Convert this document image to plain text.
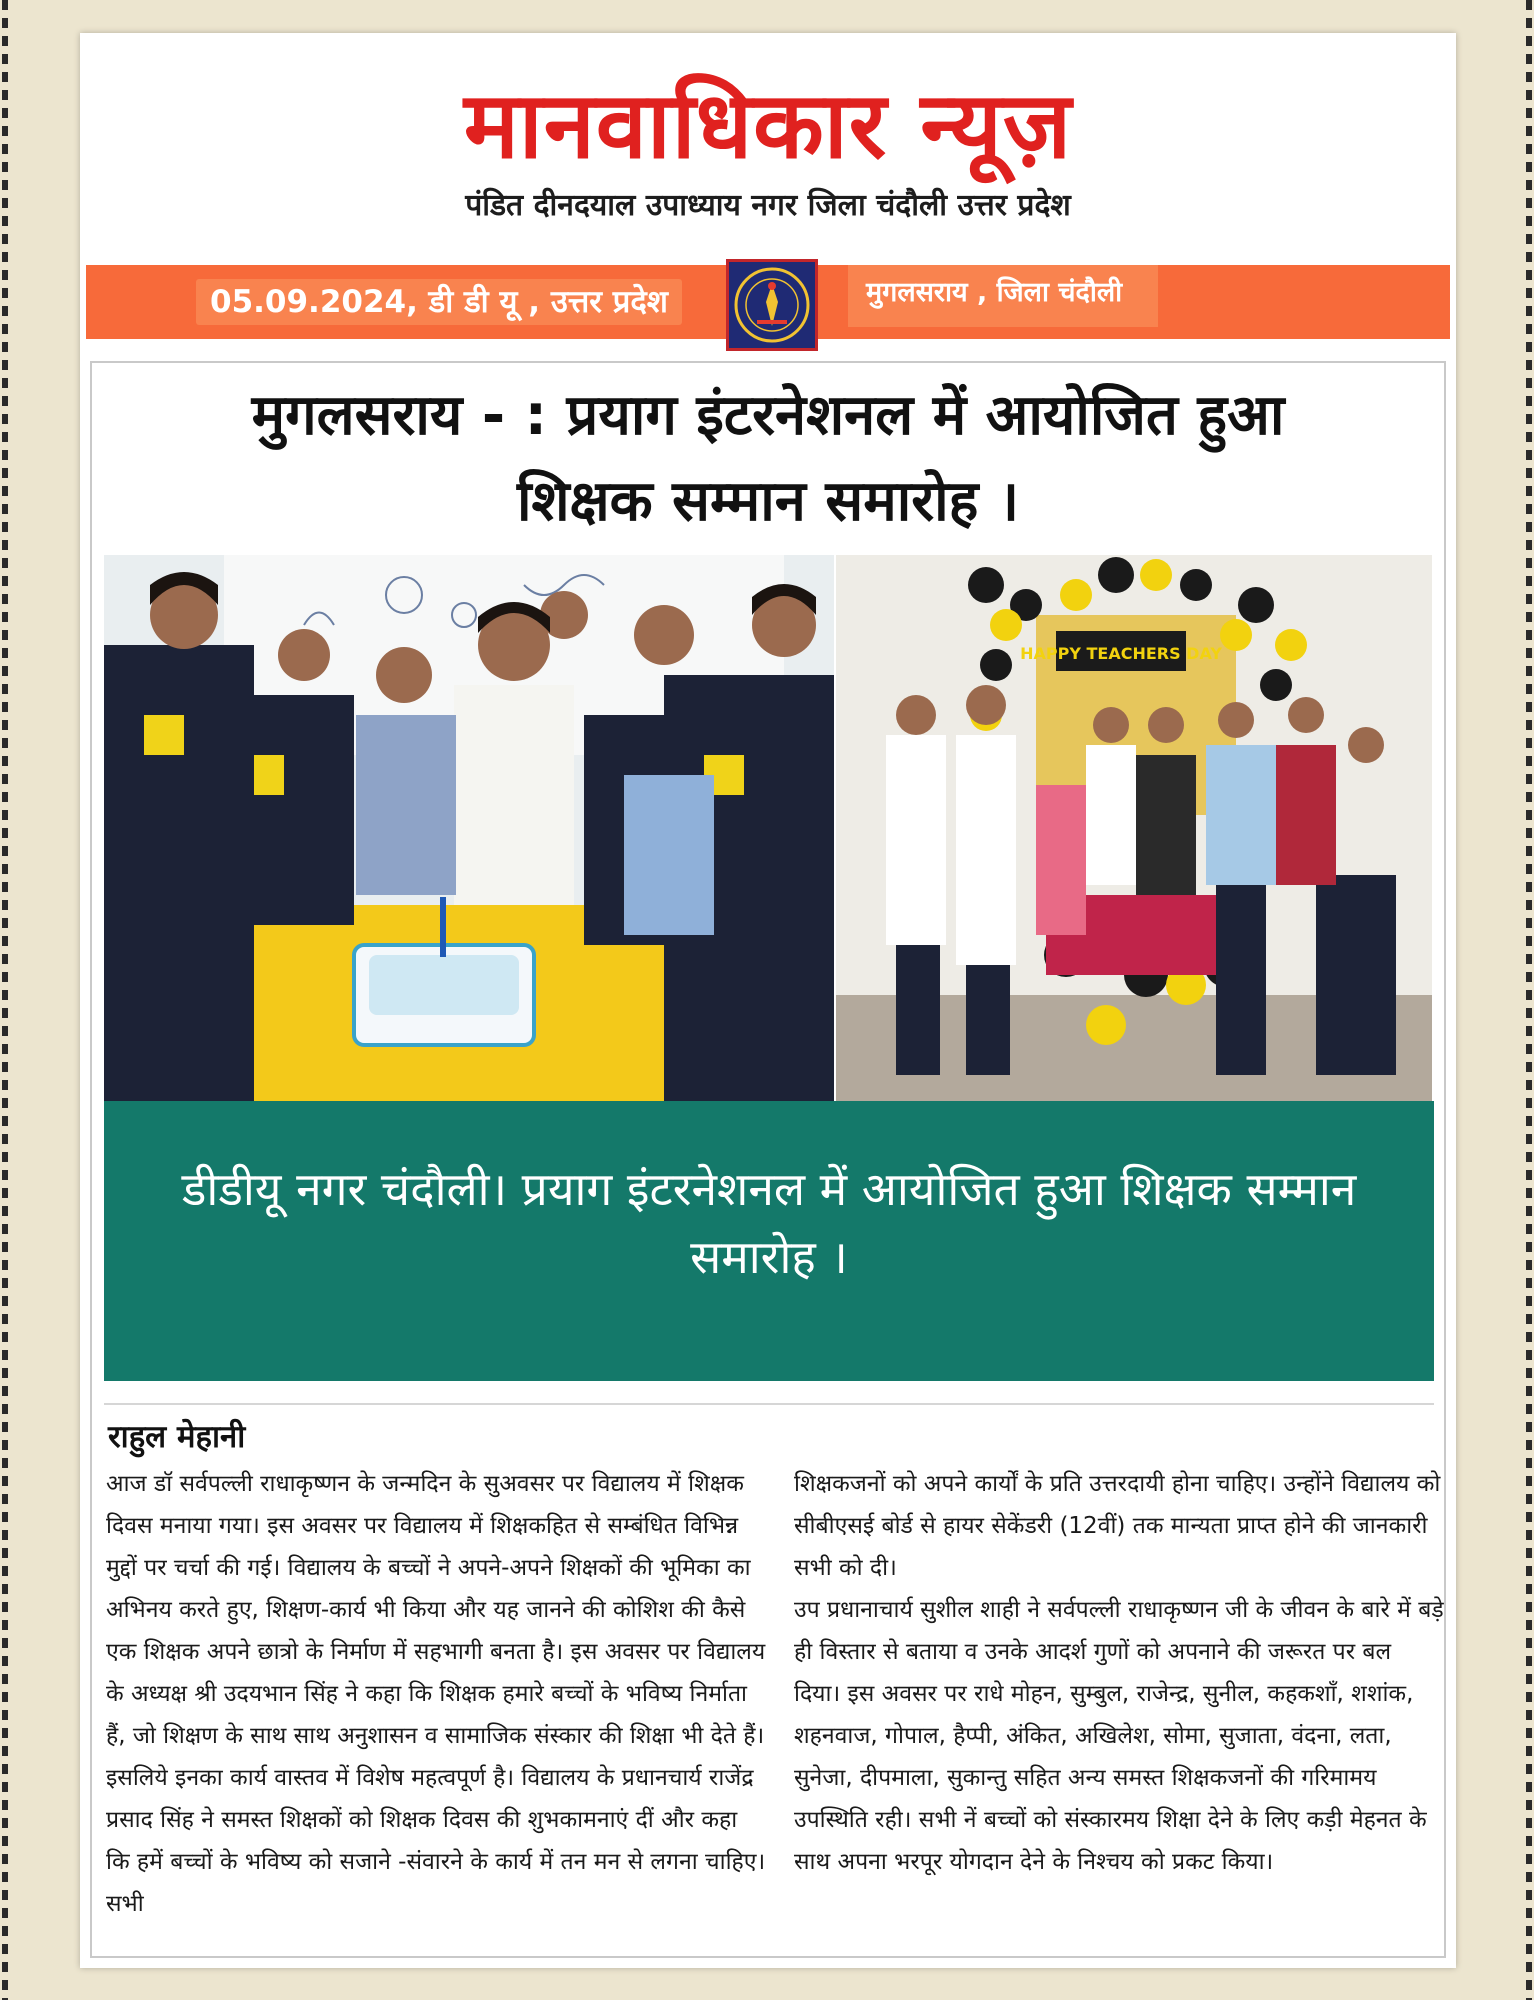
मानवाधिकार न्यूज़
पंडित दीनदयाल उपाध्याय नगर जिला चंदौली उत्तर प्रदेश
05.09.2024, डी डी यू , उत्तर प्रदेश	मुगलसराय , जिला चंदौली
मुगलसराय - : प्रयाग इंटरनेशनल में आयोजित हुआ
शिक्षक सम्मान समारोह ।
HAPPY TEACHERS DAY
डीडीयू नगर चंदौली। प्रयाग इंटरनेशनल में आयोजित हुआ शिक्षक सम्मान समारोह ।
राहुल मेहानी

आज डॉ सर्वपल्ली राधाकृष्णन के जन्मदिन के सुअवसर पर विद्यालय में शिक्षक दिवस मनाया गया। इस अवसर पर विद्यालय में शिक्षकहित से सम्बंधित विभिन्न मुद्दों पर चर्चा की गई। विद्यालय के बच्चों ने अपने-अपने शिक्षकों की भूमिका का अभिनय करते हुए, शिक्षण-कार्य भी किया और यह जानने की कोशिश की कैसे एक शिक्षक अपने छात्रो के निर्माण में सहभागी बनता है। इस अवसर पर विद्यालय के अध्यक्ष श्री उदयभान सिंह ने कहा कि शिक्षक हमारे बच्चों के भविष्य निर्माता हैं, जो शिक्षण के साथ साथ अनुशासन व सामाजिक संस्कार की शिक्षा भी देते हैं। इसलिये इनका कार्य वास्तव में विशेष महत्वपूर्ण है। विद्यालय के प्रधानचार्य राजेंद्र प्रसाद सिंह ने समस्त शिक्षकों को शिक्षक दिवस की शुभकामनाएं दीं और कहा कि हमें बच्चों के भविष्य को सजाने -संवारने के कार्य में तन मन से लगना चाहिए। सभी

शिक्षकजनों को अपने कार्यों के प्रति उत्तरदायी होना चाहिए। उन्होंने विद्यालय को सीबीएसई बोर्ड से हायर सेकेंडरी (12वीं) तक मान्यता प्राप्त होने की जानकारी सभी को दी।

उप प्रधानाचार्य सुशील शाही ने सर्वपल्ली राधाकृष्णन जी के जीवन के बारे में बड़े ही विस्तार से बताया व उनके आदर्श गुणों को अपनाने की जरूरत पर बल दिया। इस अवसर पर राधे मोहन, सुम्बुल, राजेन्द्र, सुनील, कहकशाँ, शशांक, शहनवाज, गोपाल, हैप्पी, अंकित, अखिलेश, सोमा, सुजाता, वंदना, लता, सुनेजा, दीपमाला, सुकान्तु सहित अन्य समस्त शिक्षकजनों की गरिमामय उपस्थिति रही। सभी नें बच्चों को संस्कारमय शिक्षा देने के लिए कड़ी मेहनत के साथ अपना भरपूर योगदान देने के निश्चय को प्रकट किया।
